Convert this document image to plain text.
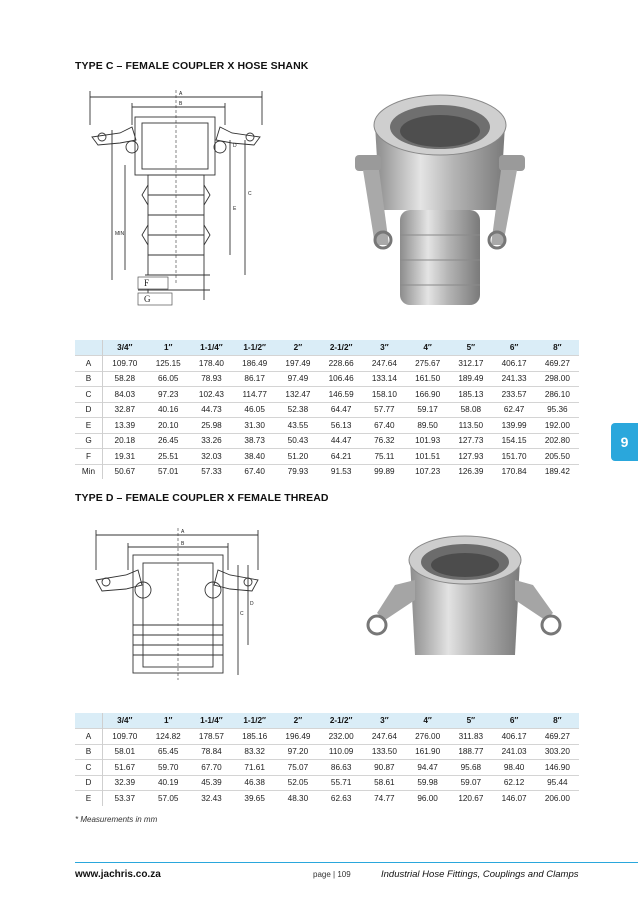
TYPE C – FEMALE COUPLER X HOSE SHANK
F
G
A
B
C
D
E
MIN
	3/4″	1″	1-1/4″	1-1/2″	2″	2-1/2″	3″	4″	5″	6″	8″
A	109.70	125.15	178.40	186.49	197.49	228.66	247.64	275.67	312.17	406.17	469.27
B	58.28	66.05	78.93	86.17	97.49	106.46	133.14	161.50	189.49	241.33	298.00
C	84.03	97.23	102.43	114.77	132.47	146.59	158.10	166.90	185.13	233.57	286.10
D	32.87	40.16	44.73	46.05	52.38	64.47	57.77	59.17	58.08	62.47	95.36
E	13.39	20.10	25.98	31.30	43.55	56.13	67.40	89.50	113.50	139.99	192.00
G	20.18	26.45	33.26	38.73	50.43	44.47	76.32	101.93	127.73	154.15	202.80
F	19.31	25.51	32.03	38.40	51.20	64.21	75.11	101.51	127.93	151.70	205.50
Min	50.67	57.01	57.33	67.40	79.93	91.53	99.89	107.23	126.39	170.84	189.42
TYPE D – FEMALE COUPLER X FEMALE THREAD
A
B
C
D
	3/4″	1″	1-1/4″	1-1/2″	2″	2-1/2″	3″	4″	5″	6″	8″
A	109.70	124.82	178.57	185.16	196.49	232.00	247.64	276.00	311.83	406.17	469.27
B	58.01	65.45	78.84	83.32	97.20	110.09	133.50	161.90	188.77	241.03	303.20
C	51.67	59.70	67.70	71.61	75.07	86.63	90.87	94.47	95.68	98.40	146.90
D	32.39	40.19	45.39	46.38	52.05	55.71	58.61	59.98	59.07	62.12	95.44
E	53.37	57.05	32.43	39.65	48.30	62.63	74.77	96.00	120.67	146.07	206.00
* Measurements in mm
9
www.jachris.co.za	page | 109	Industrial Hose Fittings, Couplings and Clamps
